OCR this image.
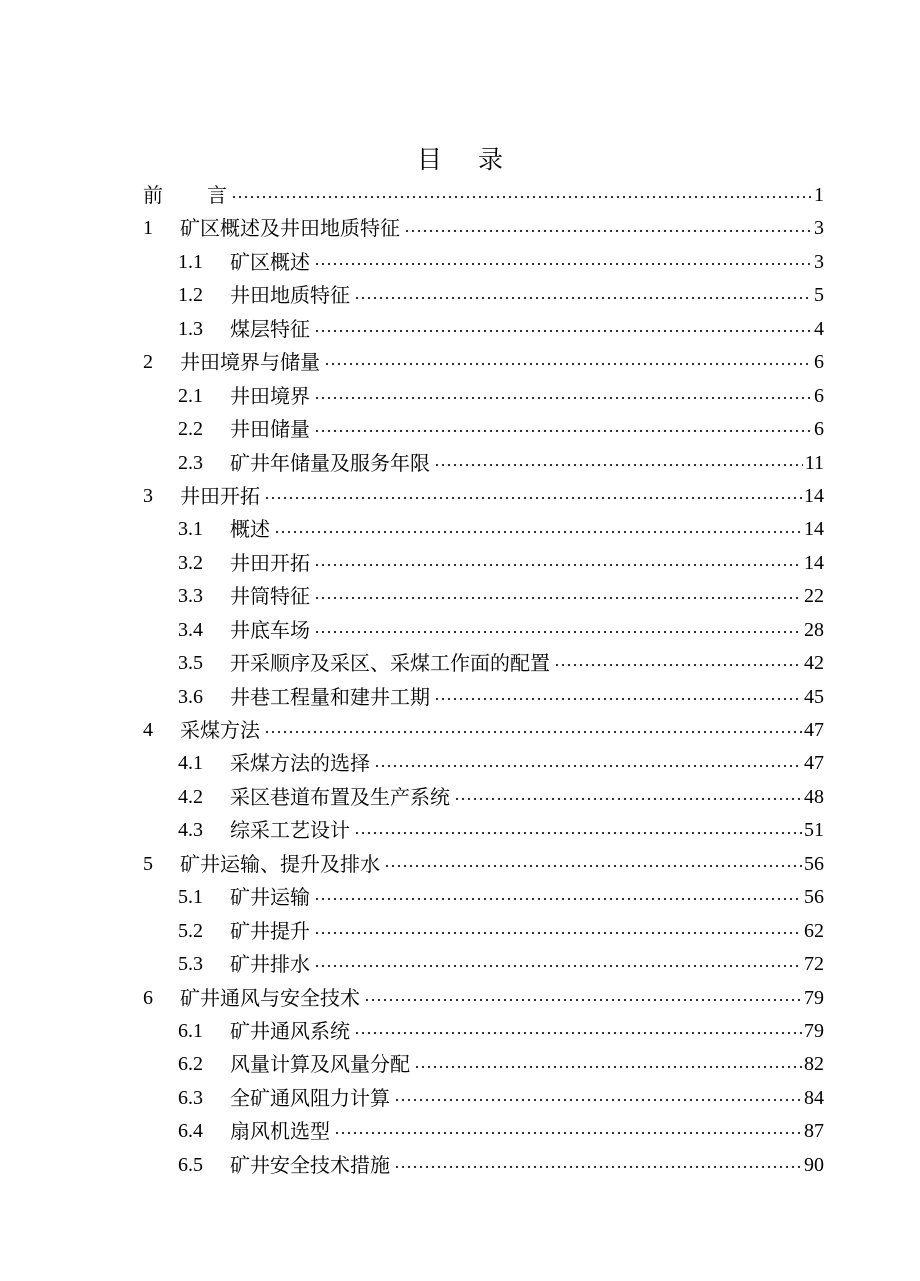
目 录
前 言	1
1	矿区概述及井田地质特征	3
1.1	矿区概述	3
1.2	井田地质特征	5
1.3	煤层特征	4
2	井田境界与储量	6
2.1	井田境界	6
2.2	井田储量	6
2.3	矿井年储量及服务年限	11
3	井田开拓	14
3.1	概述	14
3.2	井田开拓	14
3.3	井筒特征	22
3.4	井底车场	28
3.5	开采顺序及采区、采煤工作面的配置	42
3.6	井巷工程量和建井工期	45
4	采煤方法	47
4.1	采煤方法的选择	47
4.2	采区巷道布置及生产系统	48
4.3	综采工艺设计	51
5	矿井运输、提升及排水	56
5.1	矿井运输	56
5.2	矿井提升	62
5.3	矿井排水	72
6	矿井通风与安全技术	79
6.1	矿井通风系统	79
6.2	风量计算及风量分配	82
6.3	全矿通风阻力计算	84
6.4	扇风机选型	87
6.5	矿井安全技术措施	90
